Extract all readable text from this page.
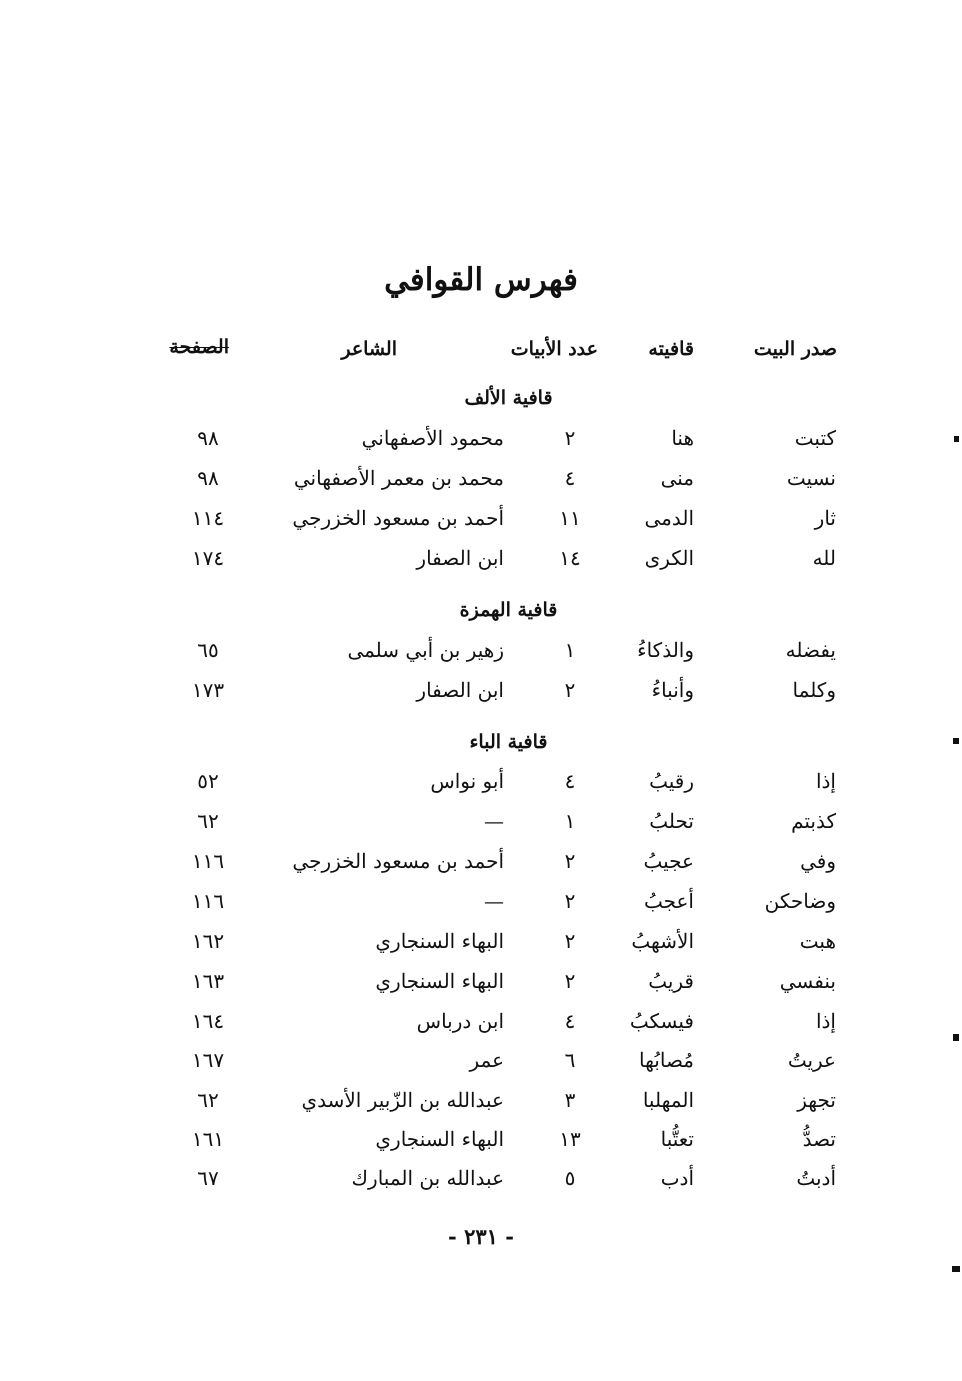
فهرس القوافي
صدر البيت
قافيته
عدد الأبيات
الشاعر
الصفحة
قافية الألف
كتبت
هنا
٢
محمود الأصفهاني
٩٨
نسيت
منى
٤
محمد بن معمر الأصفهاني
٩٨
ثار
الدمى
١١
أحمد بن مسعود الخزرجي
١١٤
لله
الكرى
١٤
ابن الصفار
١٧٤
قافية الهمزة
يفضله
والذكاءُ
١
زهير بن أبي سلمى
٦٥
وكلما
وأنباءُ
٢
ابن الصفار
١٧٣
قافية الباء
إذا
رقيبُ
٤
أبو نواس
٥٢
كذبتم
تحلبُ
١
—
٦٢
وفي
عجيبُ
٢
أحمد بن مسعود الخزرجي
١١٦
وضاحكن
أعجبُ
٢
—
١١٦
هبت
الأشهبُ
٢
البهاء السنجاري
١٦٢
بنفسي
قريبُ
٢
البهاء السنجاري
١٦٣
إذا
فيسكبُ
٤
ابن درباس
١٦٤
عريتُ
مُصابُها
٦
عمر
١٦٧
تجهز
المهلبا
٣
عبدالله بن الزّبير الأسدي
٦٢
تصدُّ
تعتُّبا
١٣
البهاء السنجاري
١٦١
أدبتُ
أدب
٥
عبدالله بن المبارك
٦٧
- ٢٣١ -
